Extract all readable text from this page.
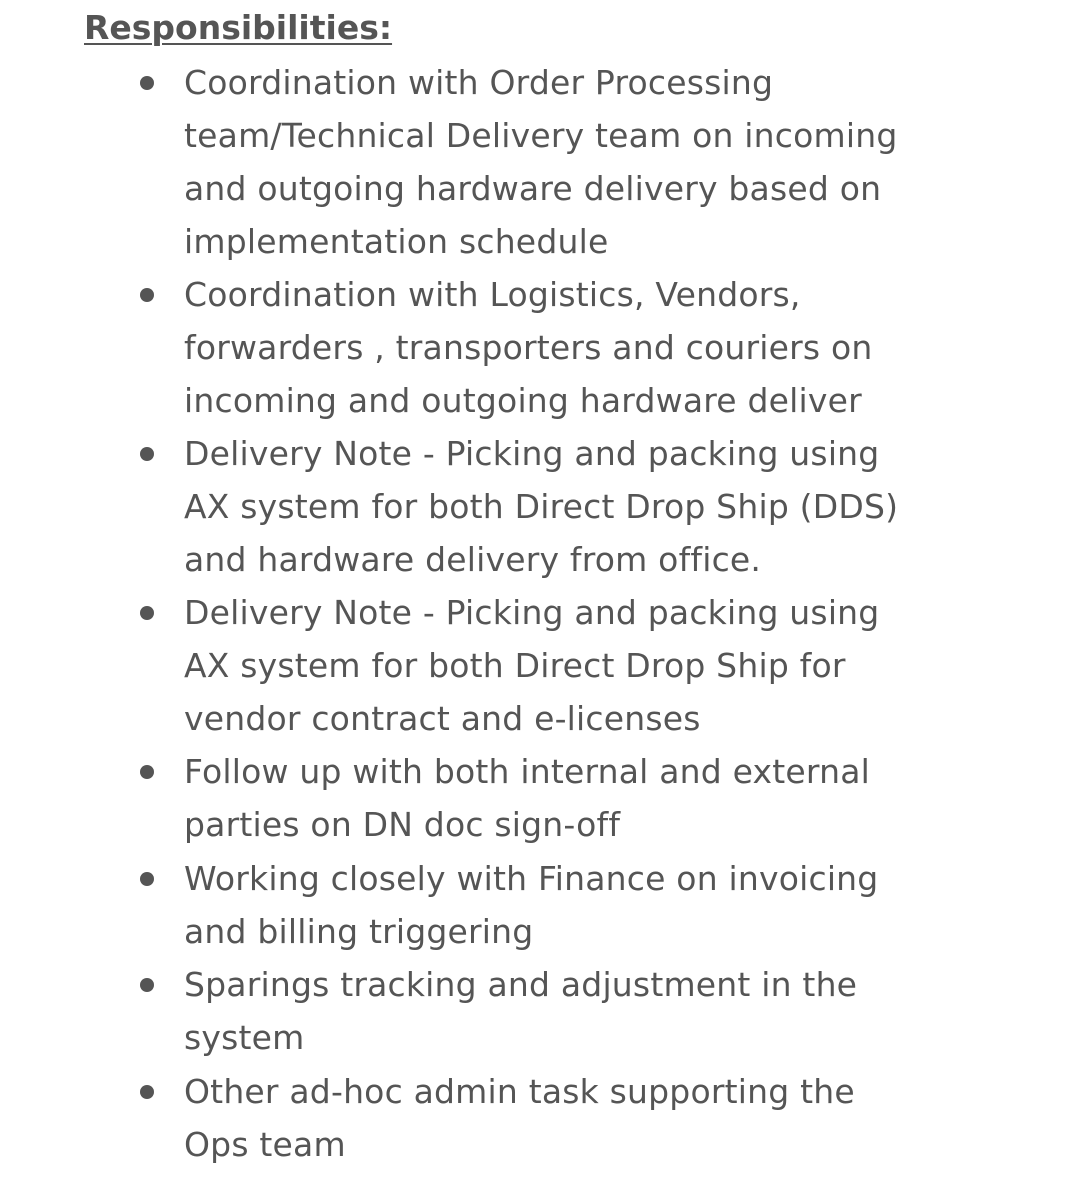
Responsibilities:
Coordination with Order Processing
team/Technical Delivery team on incoming
and outgoing hardware delivery based on
implementation schedule
Coordination with Logistics, Vendors,
forwarders , transporters and couriers on
incoming and outgoing hardware deliver
Delivery Note - Picking and packing using
AX system for both Direct Drop Ship (DDS)
and hardware delivery from office.
Delivery Note - Picking and packing using
AX system for both Direct Drop Ship for
vendor contract and e-licenses
Follow up with both internal and external
parties on DN doc sign-off
Working closely with Finance on invoicing
and billing triggering
Sparings tracking and adjustment in the
system
Other ad-hoc admin task supporting the
Ops team
